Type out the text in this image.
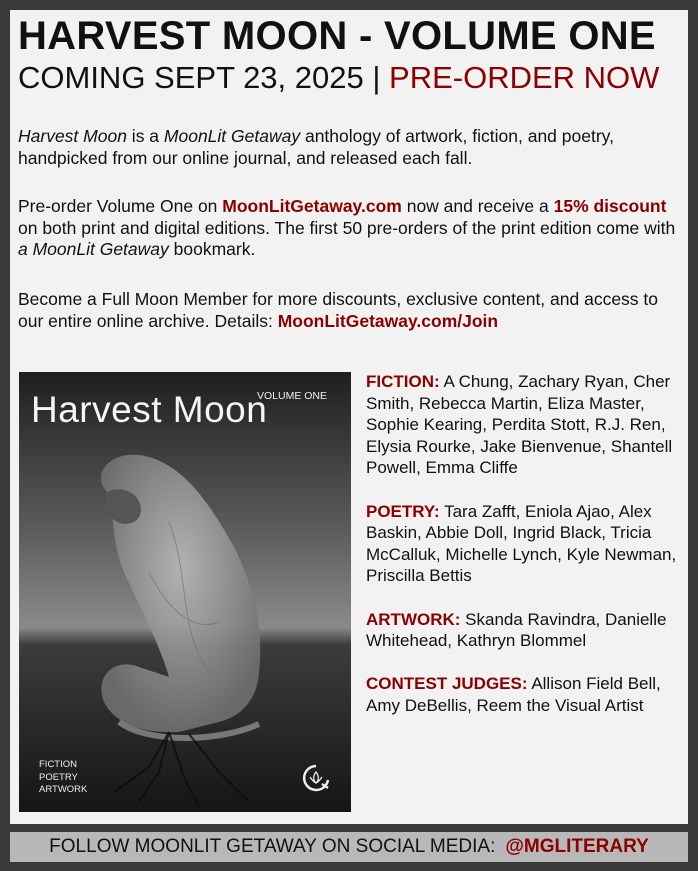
HARVEST MOON - VOLUME ONE
COMING SEPT 23, 2025 | PRE-ORDER NOW
Harvest Moon is a MoonLit Getaway anthology of artwork, fiction, and poetry, handpicked from our online journal, and released each fall.
Pre-order Volume One on MoonLitGetaway.com now and receive a 15% discount on both print and digital editions. The first 50 pre-orders of the print edition come with a MoonLit Getaway bookmark.
Become a Full Moon Member for more discounts, exclusive content, and access to our entire online archive. Details: MoonLitGetaway.com/Join
VOLUME ONE
Harvest Moon
FICTION
POETRY
ARTWORK
FICTION: A Chung, Zachary Ryan, Cher Smith, Rebecca Martin, Eliza Master, Sophie Kearing, Perdita Stott, R.J. Ren, Elysia Rourke, Jake Bienvenue, Shantell Powell, Emma Cliffe
POETRY: Tara Zafft, Eniola Ajao, Alex Baskin, Abbie Doll, Ingrid Black, Tricia McCalluk, Michelle Lynch, Kyle Newman, Priscilla Bettis
ARTWORK: Skanda Ravindra, Danielle Whitehead, Kathryn Blommel
CONTEST JUDGES: Allison Field Bell, Amy DeBellis, Reem the Visual Artist
FOLLOW MOONLIT GETAWAY ON SOCIAL MEDIA: @MGLITERARY
